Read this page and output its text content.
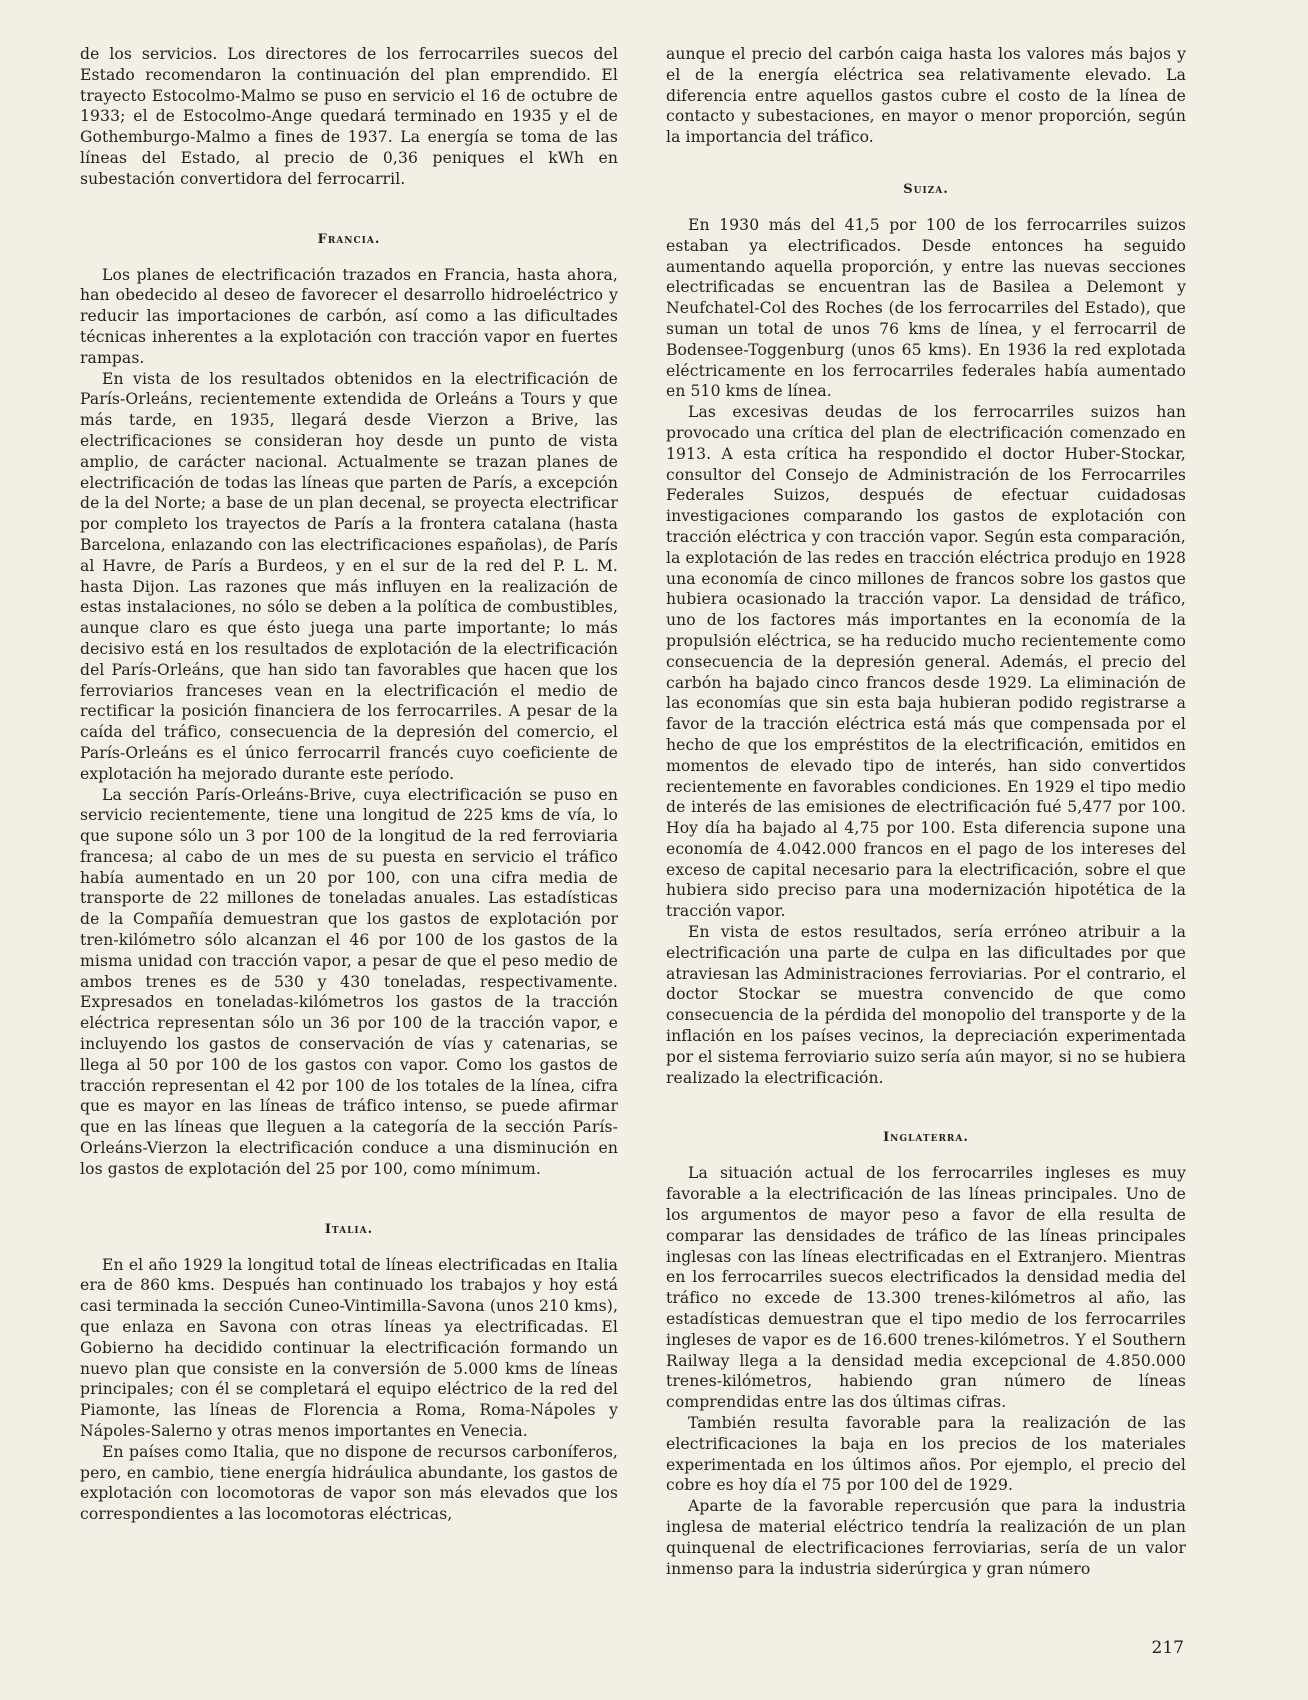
de los servicios. Los directores de los ferrocarriles suecos del Estado recomendaron la continuación del plan emprendido. El trayecto Estocolmo-Malmo se puso en servicio el 16 de octubre de 1933; el de Estocolmo-Ange quedará terminado en 1935 y el de Gothemburgo-Malmo a fines de 1937. La energía se toma de las líneas del Estado, al precio de 0,36 peniques el kWh en subestación convertidora del ferrocarril.

Francia.

Los planes de electrificación trazados en Francia, hasta ahora, han obedecido al deseo de favorecer el desarrollo hidroeléctrico y reducir las importaciones de carbón, así como a las dificultades técnicas inherentes a la explotación con tracción vapor en fuertes rampas.

En vista de los resultados obtenidos en la electrificación de París-Orleáns, recientemente extendida de Orleáns a Tours y que más tarde, en 1935, llegará desde Vierzon a Brive, las electrificaciones se consideran hoy desde un punto de vista amplio, de carácter nacional. Actualmente se trazan planes de electrificación de todas las líneas que parten de París, a excepción de la del Norte; a base de un plan decenal, se proyecta electrificar por completo los trayectos de París a la frontera catalana (hasta Barcelona, enlazando con las electrificaciones españolas), de París al Havre, de París a Burdeos, y en el sur de la red del P. L. M. hasta Dijon. Las razones que más influyen en la realización de estas instalaciones, no sólo se deben a la política de combustibles, aunque claro es que ésto juega una parte importante; lo más decisivo está en los resultados de explotación de la electrificación del París-Orleáns, que han sido tan favorables que hacen que los ferroviarios franceses vean en la electrificación el medio de rectificar la posición financiera de los ferrocarriles. A pesar de la caída del tráfico, consecuencia de la depresión del comercio, el París-Orleáns es el único ferrocarril francés cuyo coeficiente de explotación ha mejorado durante este período.

La sección París-Orleáns-Brive, cuya electrificación se puso en servicio recientemente, tiene una longitud de 225 kms de vía, lo que supone sólo un 3 por 100 de la longitud de la red ferroviaria francesa; al cabo de un mes de su puesta en servicio el tráfico había aumentado en un 20 por 100, con una cifra media de transporte de 22 millones de toneladas anuales. Las estadísticas de la Compañía demuestran que los gastos de explotación por tren-kilómetro sólo alcanzan el 46 por 100 de los gastos de la misma unidad con tracción vapor, a pesar de que el peso medio de ambos trenes es de 530 y 430 toneladas, respectivamente. Expresados en toneladas-kilómetros los gastos de la tracción eléctrica representan sólo un 36 por 100 de la tracción vapor, e incluyendo los gastos de conservación de vías y catenarias, se llega al 50 por 100 de los gastos con vapor. Como los gastos de tracción representan el 42 por 100 de los totales de la línea, cifra que es mayor en las líneas de tráfico intenso, se puede afirmar que en las líneas que lleguen a la categoría de la sección París-Orleáns-Vierzon la electrificación conduce a una disminución en los gastos de explotación del 25 por 100, como mínimum.

Italia.

En el año 1929 la longitud total de líneas electrificadas en Italia era de 860 kms. Después han continuado los trabajos y hoy está casi terminada la sección Cuneo-Vintimilla-Savona (unos 210 kms), que enlaza en Savona con otras líneas ya electrificadas. El Gobierno ha decidido continuar la electrificación formando un nuevo plan que consiste en la conversión de 5.000 kms de líneas principales; con él se completará el equipo eléctrico de la red del Piamonte, las líneas de Florencia a Roma, Roma-Nápoles y Nápoles-Salerno y otras menos importantes en Venecia.

En países como Italia, que no dispone de recursos carboníferos, pero, en cambio, tiene energía hidráulica abundante, los gastos de explotación con locomotoras de vapor son más elevados que los correspondientes a las locomotoras eléctricas,

aunque el precio del carbón caiga hasta los valores más bajos y el de la energía eléctrica sea relativamente elevado. La diferencia entre aquellos gastos cubre el costo de la línea de contacto y subestaciones, en mayor o menor proporción, según la importancia del tráfico.

Suiza.

En 1930 más del 41,5 por 100 de los ferrocarriles suizos estaban ya electrificados. Desde entonces ha seguido aumentando aquella proporción, y entre las nuevas secciones electrificadas se encuentran las de Basilea a Delemont y Neufchatel-Col des Roches (de los ferrocarriles del Estado), que suman un total de unos 76 kms de línea, y el ferrocarril de Bodensee-Toggenburg (unos 65 kms). En 1936 la red explotada eléctricamente en los ferrocarriles federales había aumentado en 510 kms de línea.

Las excesivas deudas de los ferrocarriles suizos han provocado una crítica del plan de electrificación comenzado en 1913. A esta crítica ha respondido el doctor Huber-Stockar, consultor del Consejo de Administración de los Ferrocarriles Federales Suizos, después de efectuar cuidadosas investigaciones comparando los gastos de explotación con tracción eléctrica y con tracción vapor. Según esta comparación, la explotación de las redes en tracción eléctrica produjo en 1928 una economía de cinco millones de francos sobre los gastos que hubiera ocasionado la tracción vapor. La densidad de tráfico, uno de los factores más importantes en la economía de la propulsión eléctrica, se ha reducido mucho recientemente como consecuencia de la depresión general. Además, el precio del carbón ha bajado cinco francos desde 1929. La eliminación de las economías que sin esta baja hubieran podido registrarse a favor de la tracción eléctrica está más que compensada por el hecho de que los empréstitos de la electrificación, emitidos en momentos de elevado tipo de interés, han sido convertidos recientemente en favorables condiciones. En 1929 el tipo medio de interés de las emisiones de electrificación fué 5,477 por 100. Hoy día ha bajado al 4,75 por 100. Esta diferencia supone una economía de 4.042.000 francos en el pago de los intereses del exceso de capital necesario para la electrificación, sobre el que hubiera sido preciso para una modernización hipotética de la tracción vapor.

En vista de estos resultados, sería erróneo atribuir a la electrificación una parte de culpa en las dificultades por que atraviesan las Administraciones ferroviarias. Por el contrario, el doctor Stockar se muestra convencido de que como consecuencia de la pérdida del monopolio del transporte y de la inflación en los países vecinos, la depreciación experimentada por el sistema ferroviario suizo sería aún mayor, si no se hubiera realizado la electrificación.

Inglaterra.

La situación actual de los ferrocarriles ingleses es muy favorable a la electrificación de las líneas principales. Uno de los argumentos de mayor peso a favor de ella resulta de comparar las densidades de tráfico de las líneas principales inglesas con las líneas electrificadas en el Extranjero. Mientras en los ferrocarriles suecos electrificados la densidad media del tráfico no excede de 13.300 trenes-kilómetros al año, las estadísticas demuestran que el tipo medio de los ferrocarriles ingleses de vapor es de 16.600 trenes-kilómetros. Y el Southern Railway llega a la densidad media excepcional de 4.850.000 trenes-kilómetros, habiendo gran número de líneas comprendidas entre las dos últimas cifras.

También resulta favorable para la realización de las electrificaciones la baja en los precios de los materiales experimentada en los últimos años. Por ejemplo, el precio del cobre es hoy día el 75 por 100 del de 1929.

Aparte de la favorable repercusión que para la industria inglesa de material eléctrico tendría la realización de un plan quinquenal de electrificaciones ferroviarias, sería de un valor inmenso para la industria siderúrgica y gran número

217
